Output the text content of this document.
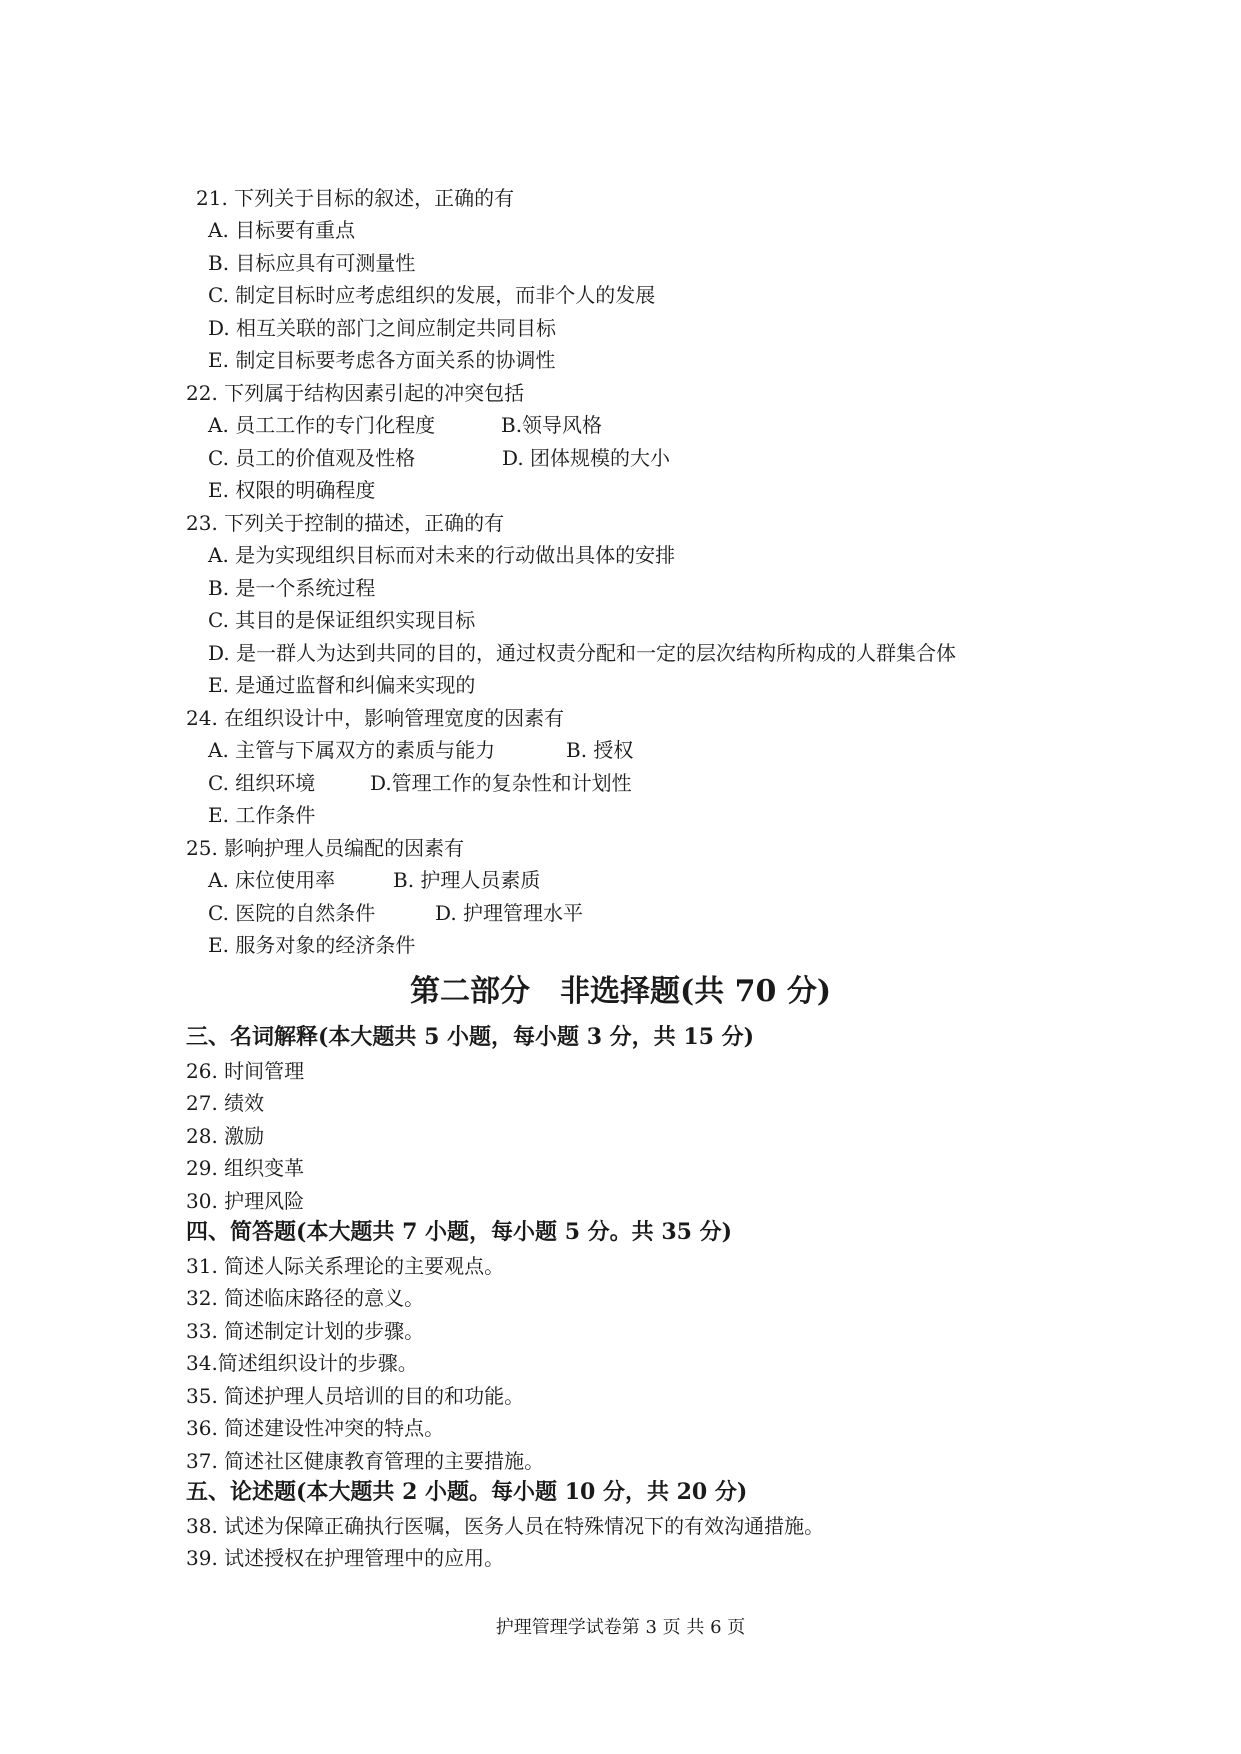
21. 下列关于目标的叙述，正确的有
A. 目标要有重点
B. 目标应具有可测量性
C. 制定目标时应考虑组织的发展，而非个人的发展
D. 相互关联的部门之间应制定共同目标
E. 制定目标要考虑各方面关系的协调性
22. 下列属于结构因素引起的冲突包括
A. 员工工作的专门化程度	B.领导风格
C. 员工的价值观及性格	D. 团体规模的大小
E. 权限的明确程度
23. 下列关于控制的描述，正确的有
A. 是为实现组织目标而对未来的行动做出具体的安排
B. 是一个系统过程
C. 其目的是保证组织实现目标
D. 是一群人为达到共同的目的，通过权责分配和一定的层次结构所构成的人群集合体
E. 是通过监督和纠偏来实现的
24. 在组织设计中，影响管理宽度的因素有
A. 主管与下属双方的素质与能力	B. 授权
C. 组织环境	D.管理工作的复杂性和计划性
E. 工作条件
25. 影响护理人员编配的因素有
A. 床位使用率	B. 护理人员素质
C. 医院的自然条件	D. 护理管理水平
E. 服务对象的经济条件
第二部分　非选择题(共 70 分)
三、名词解释(本大题共 5 小题，每小题 3 分，共 15 分)
26. 时间管理
27. 绩效
28. 激励
29. 组织变革
30. 护理风险
四、简答题(本大题共 7 小题，每小题 5 分。共 35 分)
31. 简述人际关系理论的主要观点。
32. 简述临床路径的意义。
33. 简述制定计划的步骤。
34.简述组织设计的步骤。
35. 简述护理人员培训的目的和功能。
36. 简述建设性冲突的特点。
37. 简述社区健康教育管理的主要措施。
五、论述题(本大题共 2 小题。每小题 10 分，共 20 分)
38. 试述为保障正确执行医嘱，医务人员在特殊情况下的有效沟通措施。
39. 试述授权在护理管理中的应用。
护理管理学试卷第 3 页 共 6 页
